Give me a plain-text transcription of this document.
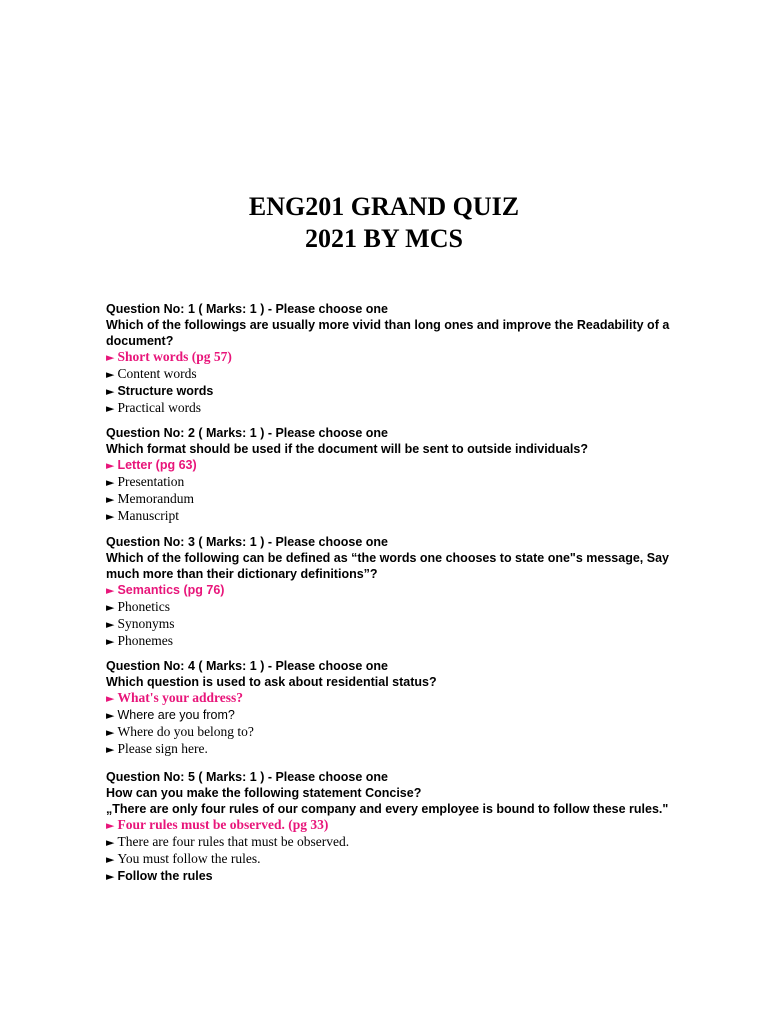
ENG201 GRAND QUIZ
2021 BY MCS

Question No: 1 ( Marks: 1 ) - Please choose one

Which of the followings are usually more vivid than long ones and improve the Readability of a document?

► Short words (pg 57)

► Content words

► Structure words

► Practical words

Question No: 2 ( Marks: 1 ) - Please choose one

Which format should be used if the document will be sent to outside individuals?

► Letter (pg 63)

► Presentation

► Memorandum

► Manuscript

Question No: 3 ( Marks: 1 ) - Please choose one

Which of the following can be defined as “the words one chooses to state one"s message, Say much more than their dictionary definitions”?

► Semantics (pg 76)

► Phonetics

► Synonyms

► Phonemes

Question No: 4 ( Marks: 1 ) - Please choose one

Which question is used to ask about residential status?

► What's your address?

► Where are you from?

► Where do you belong to?

► Please sign here.

Question No: 5 ( Marks: 1 ) - Please choose one

How can you make the following statement Concise?

„There are only four rules of our company and every employee is bound to follow these rules."

► Four rules must be observed. (pg 33)

► There are four rules that must be observed.

► You must follow the rules.

► Follow the rules
